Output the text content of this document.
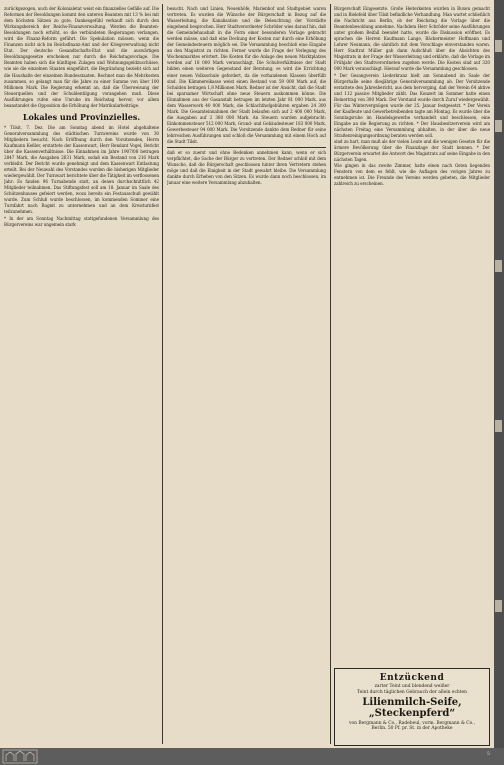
zurückgezogen, auch der Kolonialetat weist ein finanzielles Gefälle auf. Die Reformen der Besoldungen kommt den unteren Beamten mit 13 % bei mit dem höchsten Sätzen zu gute, Dankesgefühl verkauft sich durch den Wirkungsbereich der Reichs-Finanzverwaltung. Werden die Beamten-Besoldungen noch erhöht, so die verbündeten Regierungen verlangen, wird die Finanz-Reform geführt. Die Spekulation müssen, wenn die Finanzen nicht sich im Reichsfinanz-Amt und der Kriegsverwaltung nicht Etat. Der deutsche Gesandtschafts-Etat und die auswärtigen Besoldungsgesetze erscheinen nur durch die Reichstagsvorlage. Die Beamten haben sich die künftigen Zulagen und Wohnungsgeldzuschüsse, wie sie die einzelnen Staaten eingeführt, die Begründung bezieht sich auf die Haushalte der einzelnen Bundesstaaten. Rechnet man die Mehrkosten zusammen, so gelangt man für die Jahre zu einer Summe von über 100 Millionen Mark. Die Regierung erkennt an, daß die Überweisung der Steuerquellen und der Schuldentilgung vorangehen muß. Diese Ausführungen rufen eine Unruhe im Reichstag hervor, vor allem beanstandet die Opposition die Erhöhung der Matrikularbeiträge.

Lokales und Provinzielles.

* Tilsit, 7. Dez. Die am Sonntag abend im Hotel abgehaltene Generalversammlung des städtischen Turnvereins wurde von 30 Mitgliedern besucht. Nach Eröffnung durch den Vorsitzenden, Herrn Kaufmann Keßler, erstattete der Kassenwart, Herr Rendant Vogel, Bericht über die Kassenverhältnisse. Die Einnahmen im Jahre 1907/08 betrugen 2847 Mark, die Ausgaben 2631 Mark, sodaß ein Bestand von 216 Mark verbleibt. Der Bericht wurde genehmigt und dem Kassenwart Entlastung erteilt. Bei der Neuwahl des Vorstandes wurden die bisherigen Mitglieder wiedergewählt. Der Turnwart berichtete über die Tätigkeit im verflossenen Jahr: Es fanden 96 Turnabende statt, an denen durchschnittlich 42 Mitglieder teilnahmen. Das Stiftungsfest soll am 18. Januar im Saale des Schützenhauses gefeiert werden, wozu bereits ein Festausschuß gewählt wurde. Zum Schluß wurde beschlossen, im kommenden Sommer eine Turnfahrt nach Ragnit zu unternehmen und an dem Kreisturnfest teilzunehmen.

* In der am Sonntag Nachmittag stattgefundenen Versammlung des Bürgervereins war ungemein stark

besucht. Nach und Linien, Neuenhöfe, Marienhof und Stadtgebiet waren vertreten. Es wurden die Wünsche der Bürgerschaft in Bezug auf die Wasserleitung, die Kanalisation und die Beleuchtung der Vorstädte eingehend besprochen. Herr Stadtverordneter Schröder wies darauf hin, daß die Gemeindehaushalt in die Form einer besonderen Vorlage gebracht werden müsse, und daß eine Deckung der Kosten nur durch eine Erhöhung der Gemeindesteuern möglich sei. Die Versammlung beschloß eine Eingabe an den Magistrat zu richten. Ferner wurde die Frage der Verlegung des Wochenmarktes erörtert. Die Kosten für die Anlage des neuen Marktplatzes werden auf 18 000 Mark veranschlagt. Die Schulverhältnisse der Stadt bilden einen weiteren Gegenstand der Beratung; es wird die Errichtung einer neuen Volksschule gefordert, da die vorhandenen Klassen überfüllt sind. Die Kämmereikasse weist einen Bestand von 59 000 Mark auf, die Schulden betragen 1,8 Millionen Mark. Redner ist der Ansicht, daß die Stadt bei sparsamer Wirtschaft ohne neue Steuern auskommen könne. Die Einnahmen aus der Gasanstalt betrugen im letzten Jahr 81 000 Mark, aus dem Wasserwerk 40 000 Mark, die Schlachthofgebühren ergaben 24 300 Mark. Die Gesamteinnahmen der Stadt belaufen sich auf 2 400 000 Mark, die Ausgaben auf 2 380 000 Mark. An Steuern wurden aufgebracht: Einkommensteuer 512 000 Mark, Grund- und Gebäudesteuer 183 000 Mark, Gewerbesteuer 94 000 Mark. Die Vorsitzende dankte dem Redner für seine lehrreichen Ausführungen und schloß die Versammlung mit einem Hoch auf die Stadt Tilsit.

daß er so zuerst und ohne Bedenken annehmen kann, wenn er sich verpflichtet, die Sache der Bürger zu vertreten. Der Redner schloß mit dem Wunsche, daß die Bürgerschaft geschlossen hinter ihren Vertretern stehen möge und daß die Einigkeit in der Stadt gewahrt bleibe. Die Versammlung dankte durch Erheben von den Sitzen. Es wurde dann noch beschlossen, im Januar eine weitere Versammlung abzuhalten.

Bürgerschaft Eingesetzte. Große Heiterkeiten wurden in Buxen gemacht und in Bielefeld über Tilsit befindliche Verhandlung. Man wartet schließlich die Nachricht aus Berlin, ob der Reichstag die Vorlage über die Beamtenbesoldung annehme. Nachdem Herr Schröder seine Ausführungen unter großem Beifall beendet hatte, wurde die Diskussion eröffnet. Es sprachen die Herren Kaufmann Lange, Bäckermeister Hoffmann und Lehrer Neumann, die sämtlich mit dem Vorschlage einverstanden waren. Herr Stadtrat Müller gab dann Aufschluß über die Absichten des Magistrats in der Frage der Wasserleitung und erklärte, daß die Vorlage im Frühjahr den Stadtverordneten zugehen werde. Die Kosten sind auf 320 000 Mark veranschlagt. Hierauf wurde die Versammlung geschlossen.

* Der Gesangverein Liederkranz hielt am Sonnabend im Saale der Bürgerhalle seine diesjährige Generalversammlung ab. Der Vorsitzende erstattete den Jahresbericht, aus dem hervorging, daß der Verein 64 aktive und 112 passive Mitglieder zählt. Das Konzert im Sommer hatte einen Reinertrag von 380 Mark. Der Vorstand wurde durch Zuruf wiedergewählt. Für das Wintervergnügen wurde der 25. Januar festgesetzt. * Der Verein der Kaufleute und Gewerbetreibenden tagte am Montag. Es wurde über die Sonntagsruhe im Handelsgewerbe verhandelt und beschlossen, eine Eingabe an die Regierung zu richten. * Der Hausbesitzerverein wird am nächsten Freitag eine Versammlung abhalten, in der über die neue Straßenreinigungsordnung beraten werden soll.

sind zu hart, man muß als der vielen Leute und die wenigen Gesetze für die ärmere Bevölkerung über die Finanzlage der Stadt kennen. * Der Bürgerverein erwartet die Antwort des Magistrats auf seine Eingabe in den nächsten Tagen.

Wie gingen in das zweite Zimmer, hatte einen nach Osten liegenden Fenstern von dem es fehlt, wie die Auflagen des vorigen Jahres zu entnehmen ist. Die Freunde des Vereins werden gebeten, die Mitglieder zahlreich zu erscheinen.

Entzückend
zarter Teint und blendend weißer
Teint durch täglichen Gebrauch der allein echten
Lilienmilch-Seife, „Steckenpferd“
von Bergmann & Co., Radebeul, vorm. Bergmann & Co., Berlin. 50 Pf. pr. St. in der Apotheke
5
